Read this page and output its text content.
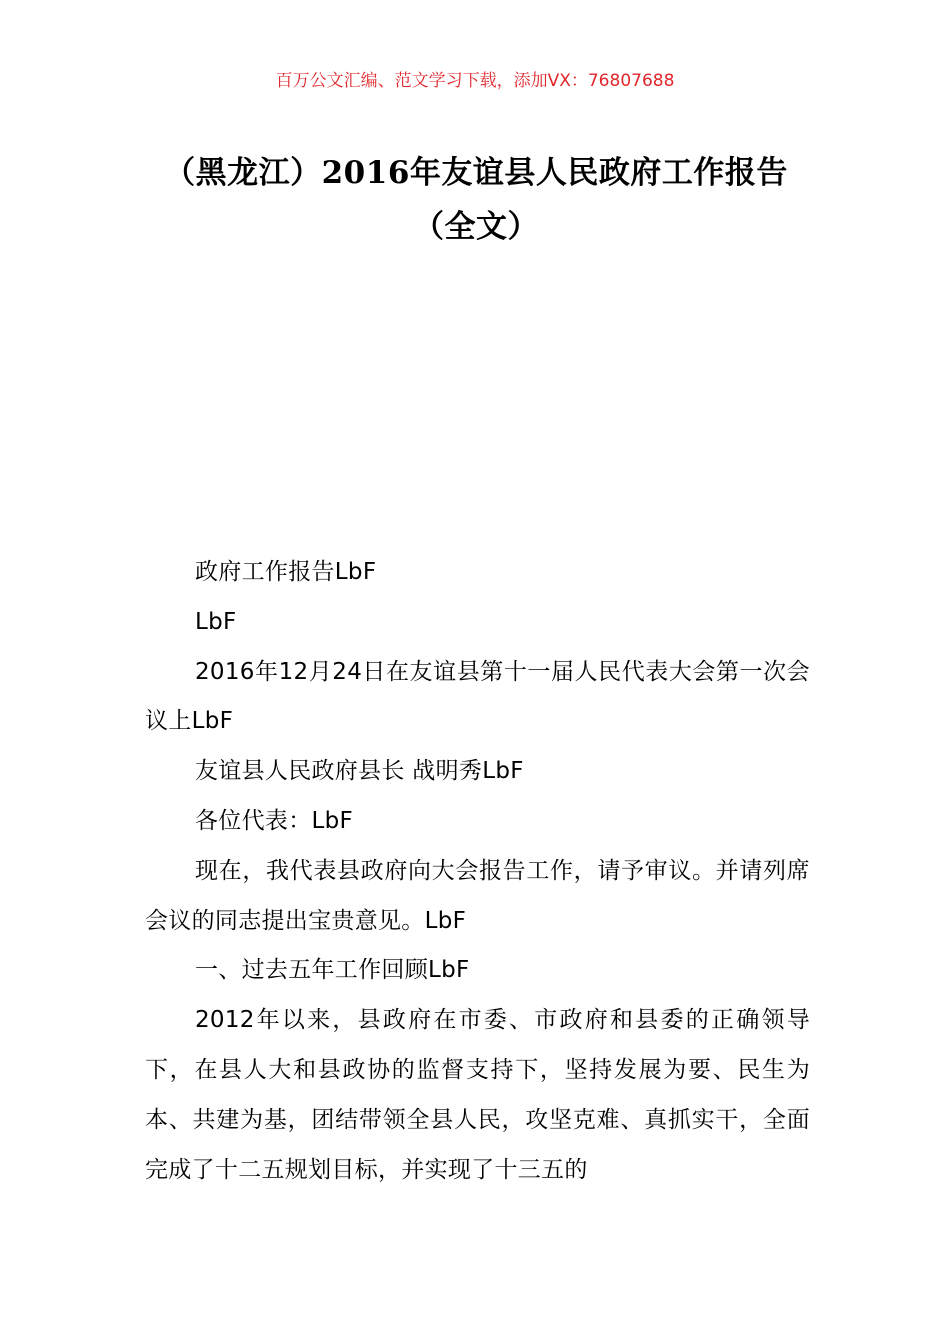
百万公文汇编、范文学习下载，添加VX：76807688
（黑龙江）2016年友谊县人民政府工作报告（全文）

政府工作报告LbF

LbF

2016年12月24日在友谊县第十一届人民代表大会第一次会议上LbF

友谊县人民政府县长 战明秀LbF

各位代表：LbF

现在，我代表县政府向大会报告工作，请予审议。并请列席会议的同志提出宝贵意见。LbF

一、过去五年工作回顾LbF

2012年以来，县政府在市委、市政府和县委的正确领导下，在县人大和县政协的监督支持下，坚持发展为要、民生为本、共建为基，团结带领全县人民，攻坚克难、真抓实干，全面完成了十二五规划目标，并实现了十三五的
